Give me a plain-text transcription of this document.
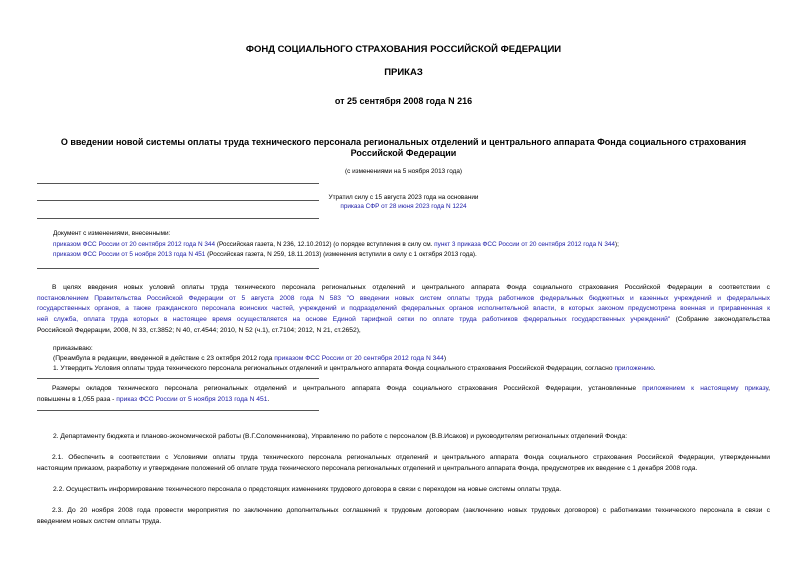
ФОНД СОЦИАЛЬНОГО СТРАХОВАНИЯ РОССИЙСКОЙ ФЕДЕРАЦИИ
ПРИКАЗ
от 25 сентября 2008 года N 216
О введении новой системы оплаты труда технического персонала региональных отделений и центрального аппарата Фонда социального страхования
Российской Федерации
(с изменениями на 5 ноября 2013 года)
Утратил силу с 15 августа 2023 года на основании
приказа СФР от 28 июня 2023 года N 1224
Документ с изменениями, внесенными:
приказом ФСС России от 20 сентября 2012 года N 344 (Российская газета, N 236, 12.10.2012) (о порядке вступления в силу см. пункт 3 приказа ФСС России от 20 сентября 2012 года N 344);
приказом ФСС России от 5 ноября 2013 года N 451 (Российская газета, N 259, 18.11.2013) (изменения вступили в силу с 1 октября 2013 года).
В целях введения новых условий оплаты труда технического персонала региональных отделений и центрального аппарата Фонда социального страхования Российской Федерации в соответствии с
постановлением Правительства Российской Федерации от 5 августа 2008 года N 583 "О введении новых систем оплаты труда работников федеральных бюджетных и казенных учреждений и федеральных
государственных органов, а также гражданского персонала воинских частей, учреждений и подразделений федеральных органов исполнительной власти, в которых законом предусмотрена военная и приравненная к
ней служба, оплата труда которых в настоящее время осуществляется на основе Единой тарифной сетки по оплате труда работников федеральных государственных учреждений" (Собрание законодательства
Российской Федерации, 2008, N 33, ст.3852; N 40, ст.4544; 2010, N 52 (ч.1), ст.7104; 2012, N 21, ст.2652),
приказываю:
(Преамбула в редакции, введенной в действие с 23 октября 2012 года приказом ФСС России от 20 сентября 2012 года N 344)
1. Утвердить Условия оплаты труда технического персонала региональных отделений и центрального аппарата Фонда социального страхования Российской Федерации, согласно приложению.
Размеры окладов технического персонала региональных отделений и центрального аппарата Фонда социального страхования Российской Федерации, установленные приложением к настоящему приказу,
повышены в 1,055 раза - приказ ФСС России от 5 ноября 2013 года N 451.
2. Департаменту бюджета и планово-экономической работы (В.Г.Соломенникова), Управлению по работе с персоналом (В.В.Исаков) и руководителям региональных отделений Фонда:
2.1. Обеспечить в соответствии с Условиями оплаты труда технического персонала региональных отделений и центрального аппарата Фонда социального страхования Российской Федерации, утвержденными
настоящим приказом, разработку и утверждение положений об оплате труда технического персонала региональных отделений и центрального аппарата Фонда, предусмотрев их введение с 1 декабря 2008 года.
2.2. Осуществить информирование технического персонала о предстоящих изменениях трудового договора в связи с переходом на новые системы оплаты труда.
2.3. До 20 ноября 2008 года провести мероприятия по заключению дополнительных соглашений к трудовым договорам (заключению новых трудовых договоров) с работниками технического персонала в связи с
введением новых систем оплаты труда.
